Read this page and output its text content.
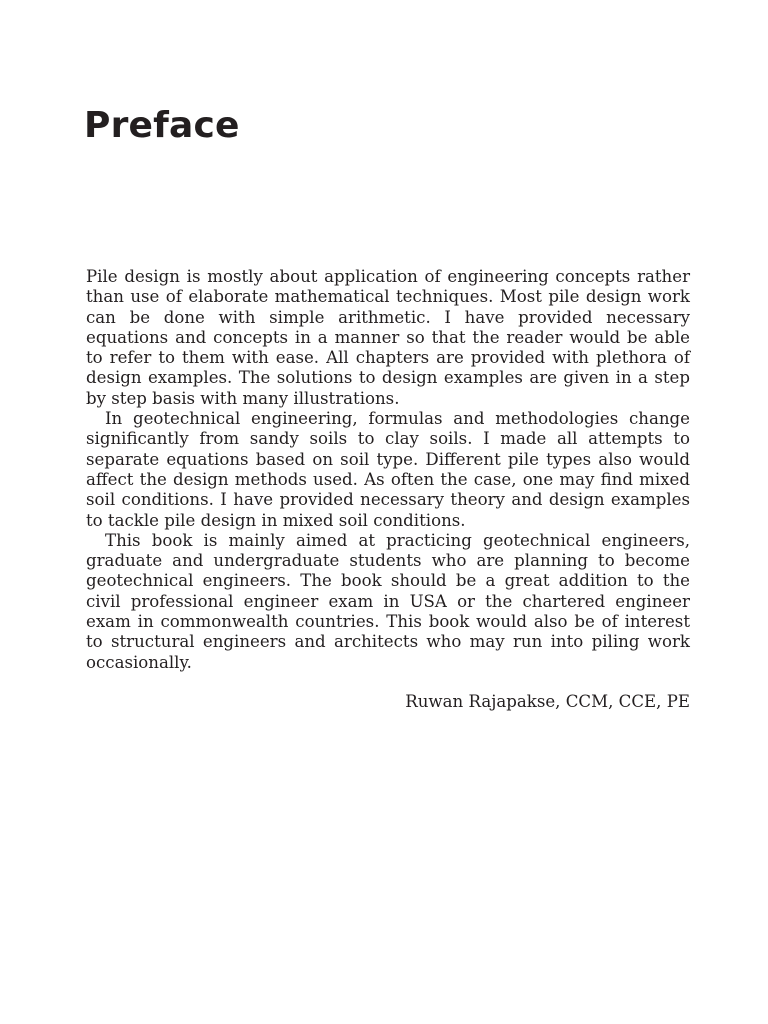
Preface

Pile design is mostly about application of engineering concepts rather than use of elaborate mathematical techniques. Most pile design work can be done with simple arithmetic. I have provided necessary equations and concepts in a manner so that the reader would be able to refer to them with ease. All chapters are provided with plethora of design examples. The solutions to design examples are given in a step by step basis with many illustrations.

In geotechnical engineering, formulas and methodologies change significantly from sandy soils to clay soils. I made all attempts to separate equations based on soil type. Different pile types also would affect the design methods used. As often the case, one may find mixed soil conditions. I have provided necessary theory and design examples to tackle pile design in mixed soil conditions.

This book is mainly aimed at practicing geotechnical engineers, graduate and undergraduate students who are planning to become geotechnical engineers. The book should be a great addition to the civil professional engineer exam in USA or the chartered engineer exam in commonwealth countries. This book would also be of interest to structural engineers and architects who may run into piling work occasionally.

Ruwan Rajapakse, CCM, CCE, PE
